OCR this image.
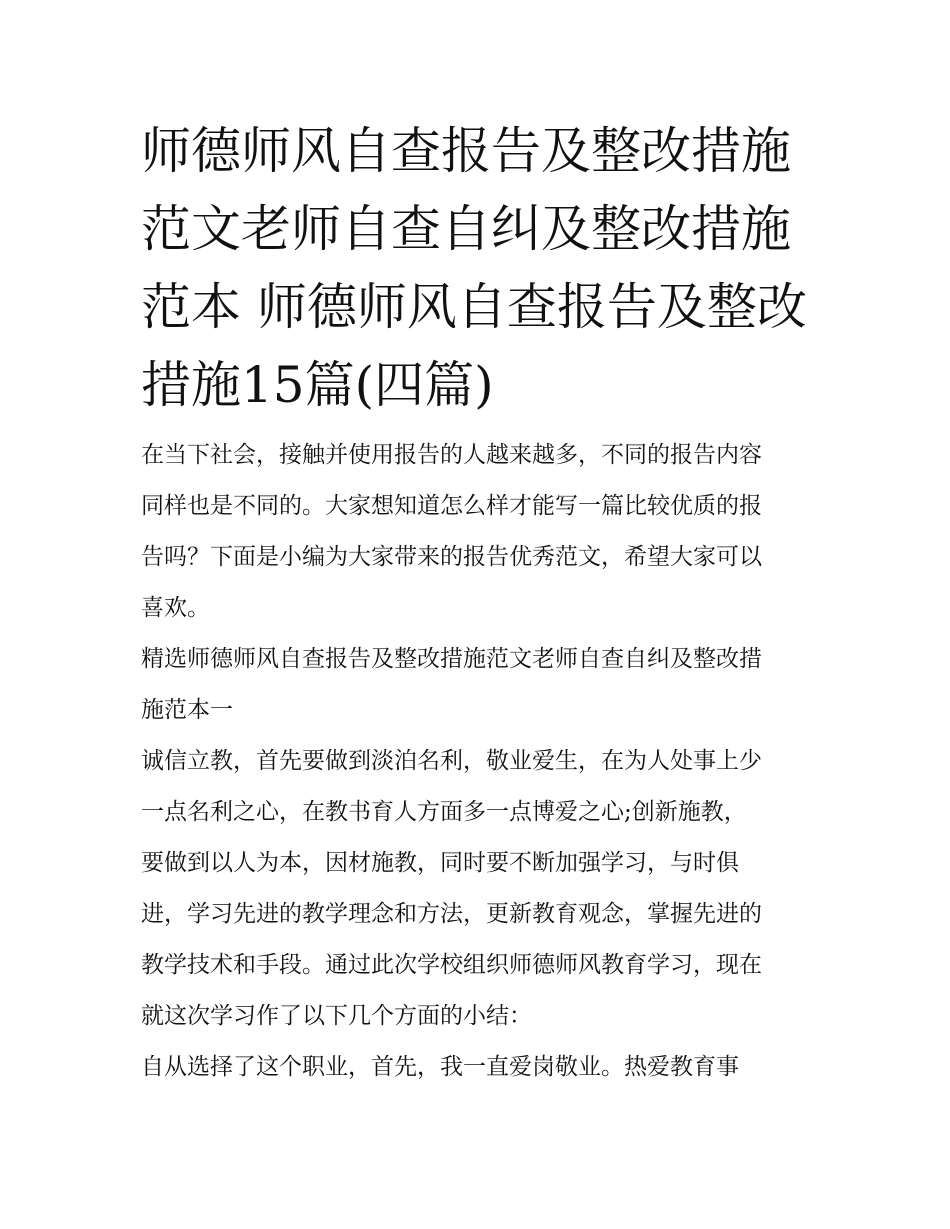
师德师风自查报告及整改措施
范文老师自查自纠及整改措施
范本 师德师风自查报告及整改
措施15篇(四篇)

在当下社会，接触并使用报告的人越来越多，不同的报告内容
同样也是不同的。大家想知道怎么样才能写一篇比较优质的报
告吗？下面是小编为大家带来的报告优秀范文，希望大家可以
喜欢。

精选师德师风自查报告及整改措施范文老师自查自纠及整改措
施范本一

诚信立教，首先要做到淡泊名利，敬业爱生，在为人处事上少
一点名利之心，在教书育人方面多一点博爱之心;创新施教，
要做到以人为本，因材施教，同时要不断加强学习，与时俱
进，学习先进的教学理念和方法，更新教育观念，掌握先进的
教学技术和手段。通过此次学校组织师德师风教育学习，现在
就这次学习作了以下几个方面的小结：

自从选择了这个职业，首先，我一直爱岗敬业。热爱教育事
